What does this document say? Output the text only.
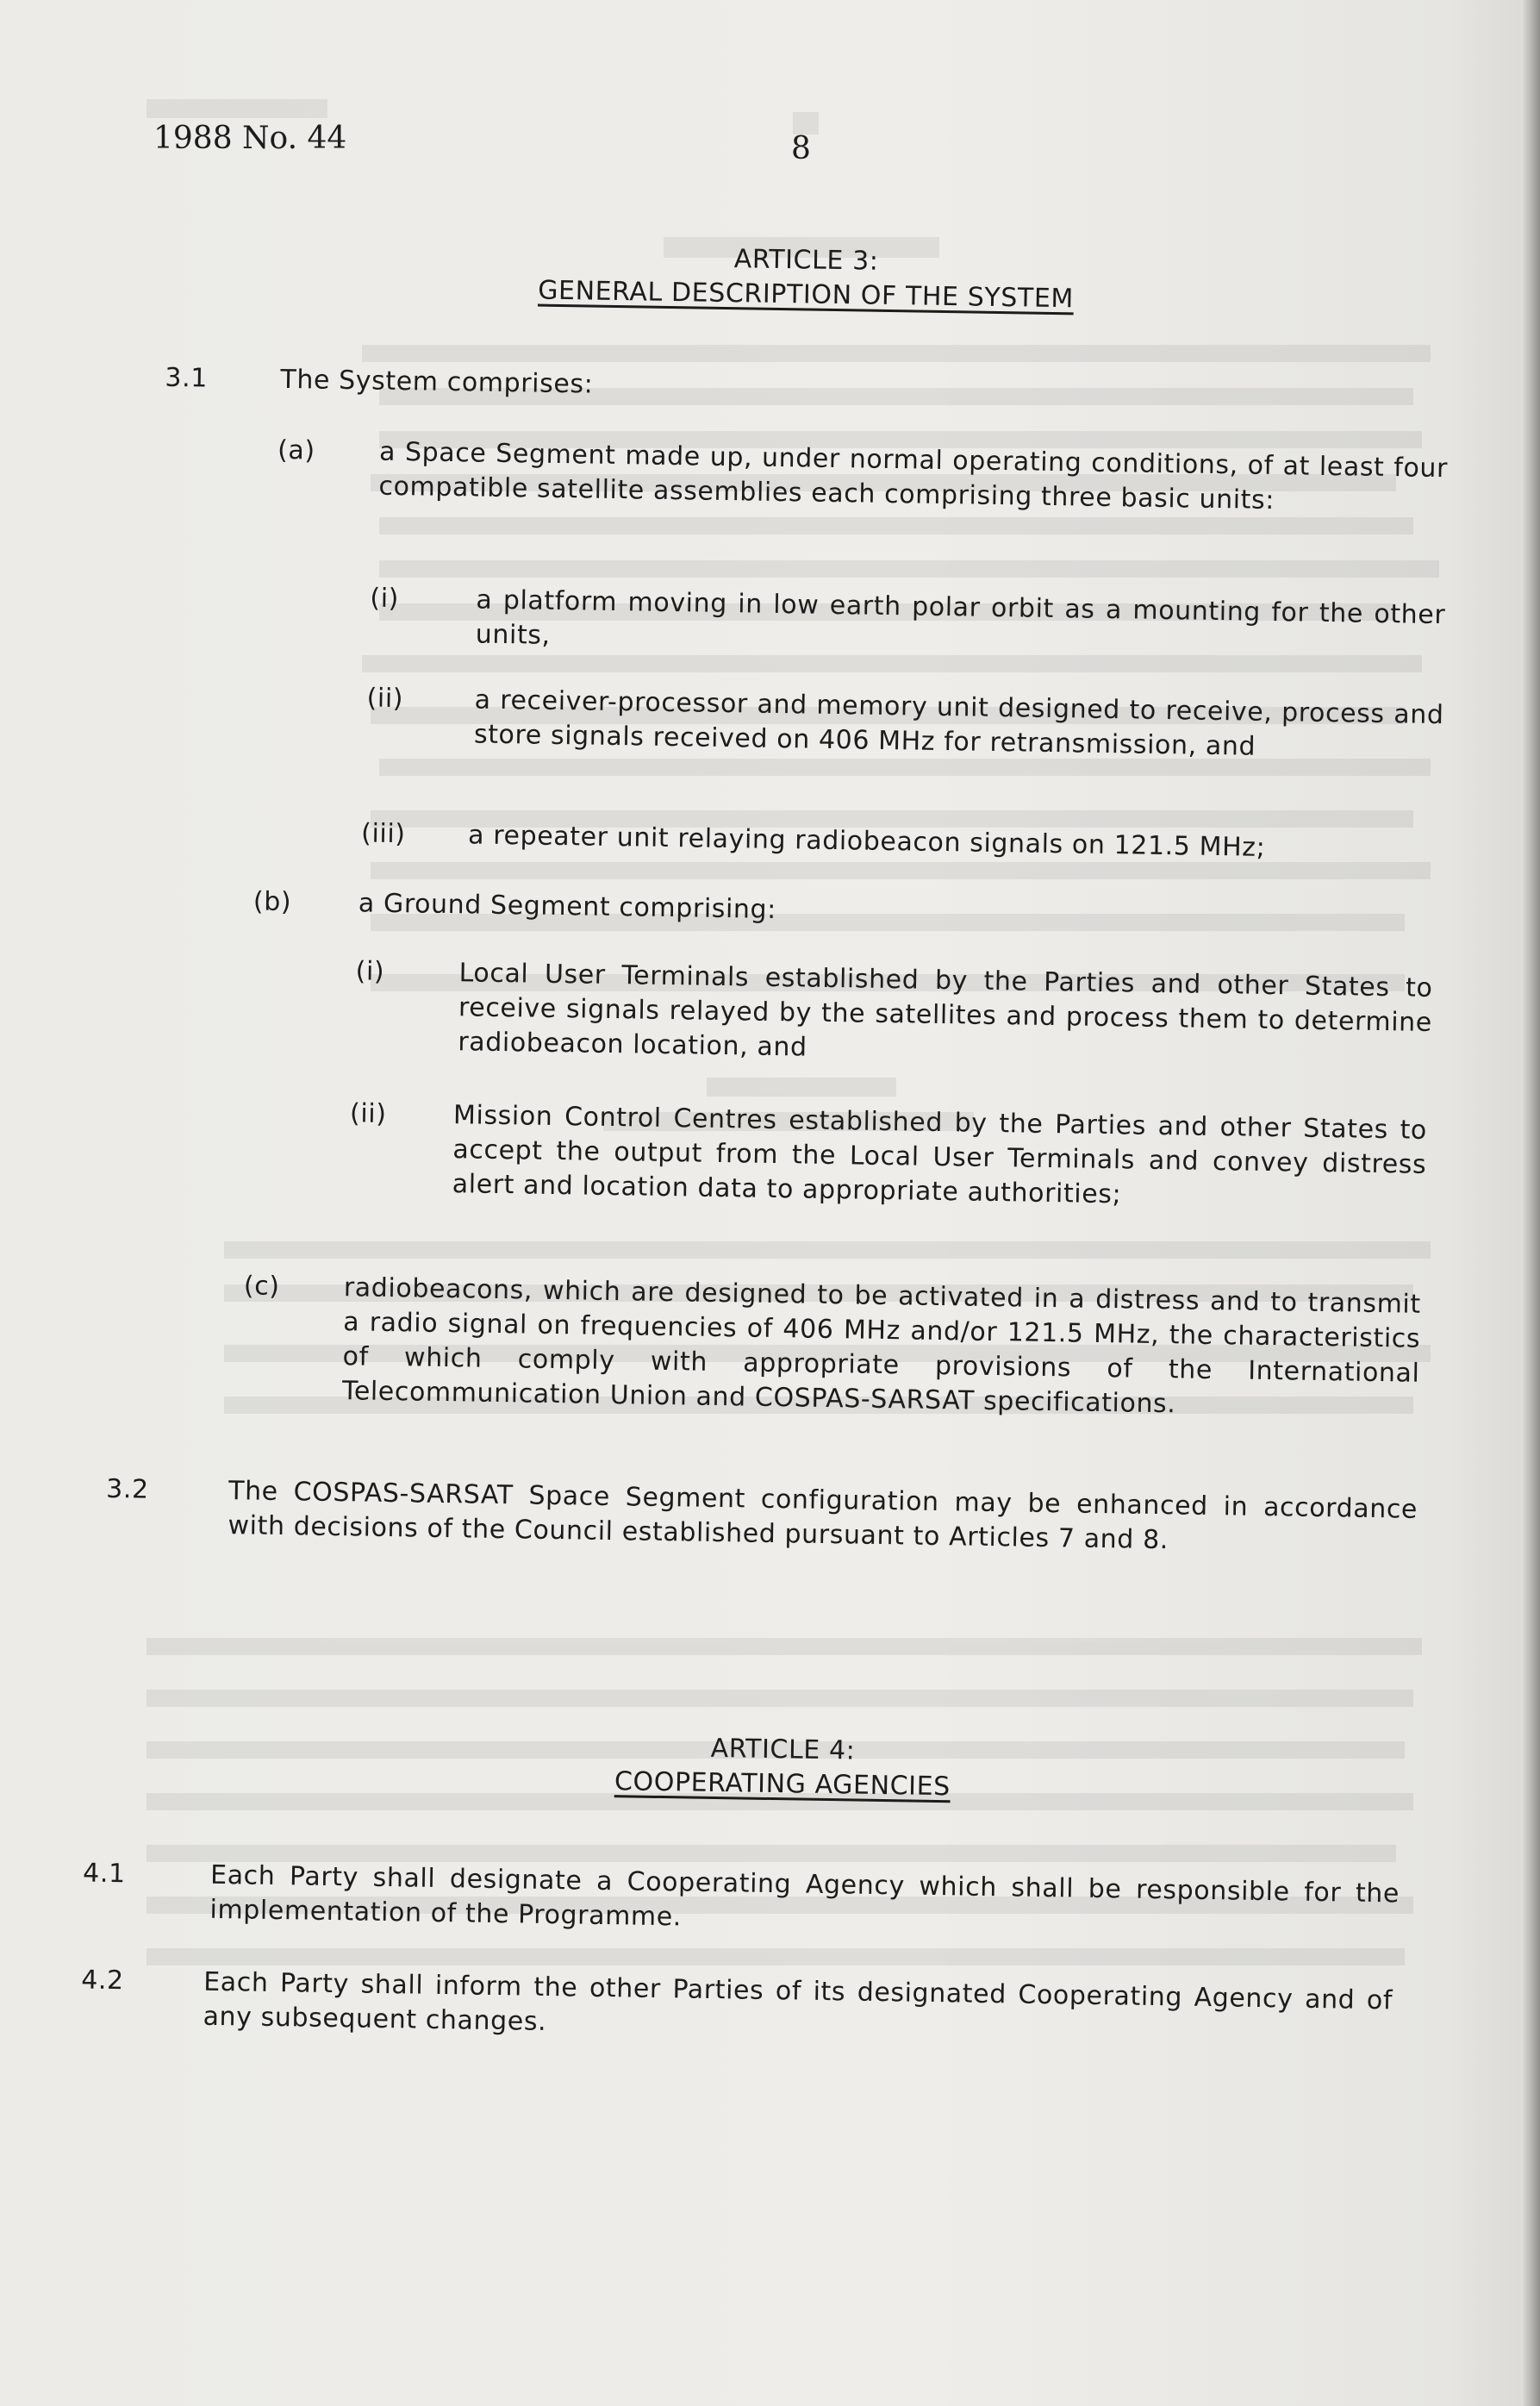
1988 No. 44	8
ARTICLE 3:
GENERAL DESCRIPTION OF THE SYSTEM
3.1	The System comprises:
(a) a Space Segment made up, under normal operating conditions, of at least four compatible satellite assemblies each comprising three basic units:
(i)	a platform moving in low earth polar orbit as a mounting for the other units,
(ii)	a receiver-processor and memory unit designed to receive, process and store signals received on 406 MHz for retransmission, and
(iii) a repeater unit relaying radiobeacon signals on 121.5 MHz;
(b)	a Ground Segment comprising:
(i)	Local User Terminals established by the Parties and other States to receive signals relayed by the satellites and process them to determine radiobeacon location, and
(ii)	Mission Control Centres established by the Parties and other States to accept the output from the Local User Terminals and convey distress alert and location data to appropriate authorities;
(c) radiobeacons, which are designed to be activated in a distress and to transmit a radio signal on frequencies of 406 MHz and/or 121.5 MHz, the characteristics of which comply with appropriate provisions of the International Telecommunication Union and COSPAS-SARSAT specifications.
3.2	The COSPAS-SARSAT Space Segment configuration may be enhanced in accordance with decisions of the Council established pursuant to Articles 7 and 8.
ARTICLE 4:
COOPERATING AGENCIES
4.1	Each Party shall designate a Cooperating Agency which shall be responsible for the implementation of the Programme.
4.2	Each Party shall inform the other Parties of its designated Cooperating Agency and of any subsequent changes.
